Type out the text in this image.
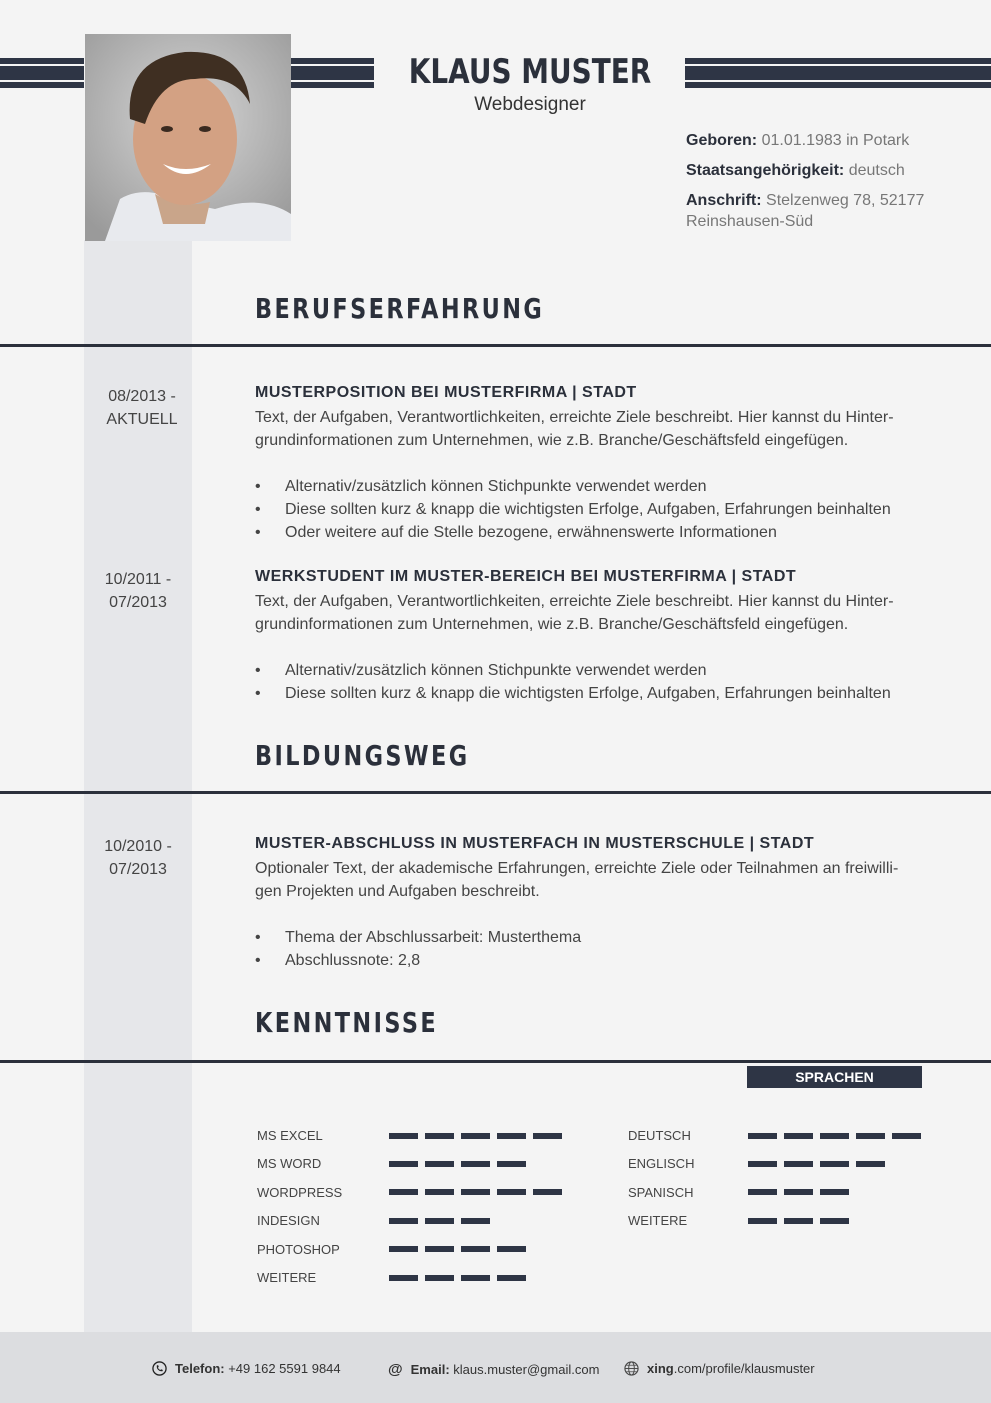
KLAUS MUSTER
Webdesigner
Geboren: 01.01.1983 in Potark
Staatsangehörigkeit: deutsch
Anschrift: Stelzenweg 78, 52177
Reinshausen-Süd
BERUFSERFAHRUNG
08/2013 -
AKTUELL
MUSTERPOSITION BEI MUSTERFIRMA | STADT
Text, der Aufgaben, Verantwortlichkeiten, erreichte Ziele beschreibt. Hier kannst du Hinter-
grundinformationen zum Unternehmen, wie z.B. Branche/Geschäftsfeld eingefügen.
• Alternativ/zusätzlich können Stichpunkte verwendet werden
• Diese sollten kurz & knapp die wichtigsten Erfolge, Aufgaben, Erfahrungen beinhalten
• Oder weitere auf die Stelle bezogene, erwähnenswerte Informationen
10/2011 -
07/2013
WERKSTUDENT IM MUSTER-BEREICH BEI MUSTERFIRMA | STADT
Text, der Aufgaben, Verantwortlichkeiten, erreichte Ziele beschreibt. Hier kannst du Hinter-
grundinformationen zum Unternehmen, wie z.B. Branche/Geschäftsfeld eingefügen.
• Alternativ/zusätzlich können Stichpunkte verwendet werden
• Diese sollten kurz & knapp die wichtigsten Erfolge, Aufgaben, Erfahrungen beinhalten
BILDUNGSWEG
10/2010 -
07/2013
MUSTER-ABSCHLUSS IN MUSTERFACH IN MUSTERSCHULE | STADT
Optionaler Text, der akademische Erfahrungen, erreichte Ziele oder Teilnahmen an freiwilli-
gen Projekten und Aufgaben beschreibt.
• Thema der Abschlussarbeit: Musterthema
• Abschlussnote: 2,8
KENNTNISSE
SPRACHEN
MS EXCEL
MS WORD
WORDPRESS
INDESIGN
PHOTOSHOP
WEITERE
DEUTSCH
ENGLISCH
SPANISCH
WEITERE
Telefon: +49 162 5591 9844	@ Email: klaus.muster@gmail.com	xing.com/profile/klausmuster
